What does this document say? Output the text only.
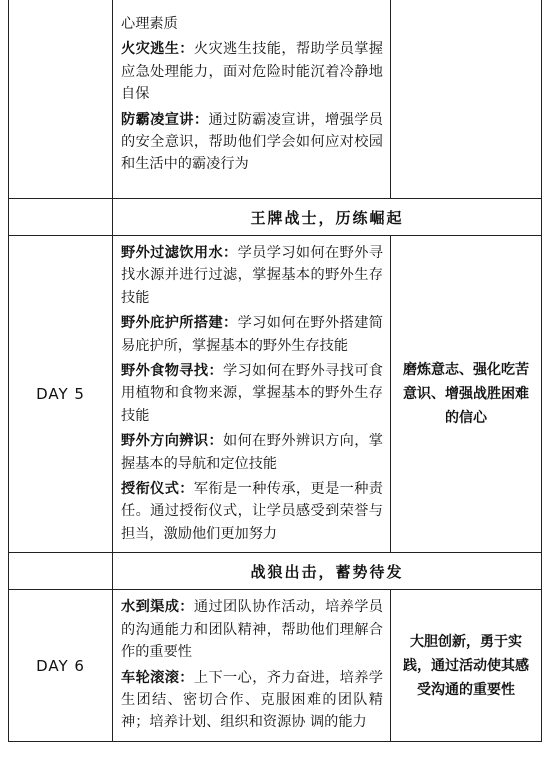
	心理素质
火灾逃生：火灾逃生技能，帮助学员掌握应急处理能力，面对危险时能沉着冷静地自保
防霸凌宣讲：通过防霸凌宣讲，增强学员的安全意识，帮助他们学会如何应对校园和生活中的霸凌行为	

	王牌战士，历练崛起	
DAY 5	野外过滤饮用水：学员学习如何在野外寻找水源并进行过滤，掌握基本的野外生存技能
野外庇护所搭建：学习如何在野外搭建简易庇护所，掌握基本的野外生存技能
野外食物寻找：学习如何在野外寻找可食用植物和食物来源，掌握基本的野外生存技能
野外方向辨识：如何在野外辨识方向，掌握基本的导航和定位技能
授衔仪式：军衔是一种传承，更是一种责任。通过授衔仪式，让学员感受到荣誉与担当，激励他们更加努力	磨炼意志、强化吃苦意识、增强战胜困难的信心
	战狼出击，蓄势待发	
DAY 6	水到渠成：通过团队协作活动，培养学员的沟通能力和团队精神，帮助他们理解合作的重要性
车轮滚滚：上下一心，齐力奋进，培养学生团结、密切合作、克服困难的团队精神；培养计划、组织和资源协 调的能力	大胆创新，勇于实践，通过活动使其感受沟通的重要性
